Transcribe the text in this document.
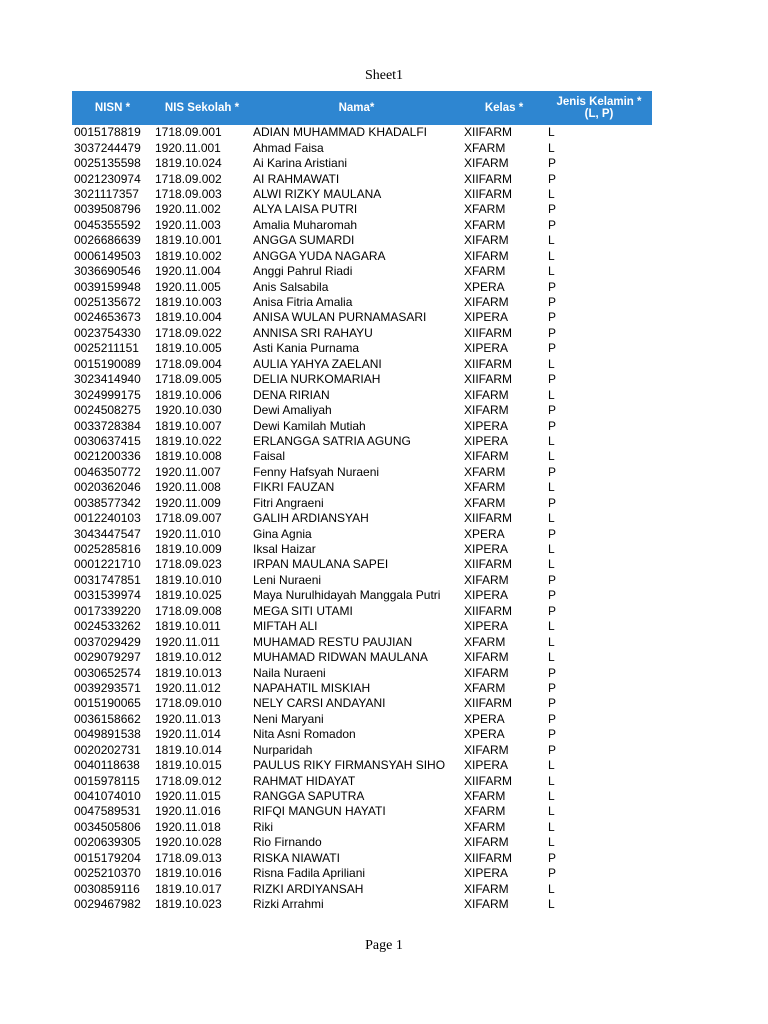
Sheet1
NISN *	NIS Sekolah *	Nama*	Kelas *	Jenis Kelamin *
(L, P)

0015178819	1718.09.001	ADIAN MUHAMMAD KHADALFI	XIIFARM	L
3037244479	1920.11.001	Ahmad Faisa	XFARM	L
0025135598	1819.10.024	Ai Karina Aristiani	XIFARM	P
0021230974	1718.09.002	AI RAHMAWATI	XIIFARM	P
3021117357	1718.09.003	ALWI RIZKY MAULANA	XIIFARM	L
0039508796	1920.11.002	ALYA LAISA PUTRI	XFARM	P
0045355592	1920.11.003	Amalia Muharomah	XFARM	P
0026686639	1819.10.001	ANGGA SUMARDI	XIFARM	L
0006149503	1819.10.002	ANGGA YUDA NAGARA	XIFARM	L
3036690546	1920.11.004	Anggi Pahrul Riadi	XFARM	L
0039159948	1920.11.005	Anis Salsabila	XPERA	P
0025135672	1819.10.003	Anisa Fitria Amalia	XIFARM	P
0024653673	1819.10.004	ANISA WULAN PURNAMASARI	XIPERA	P
0023754330	1718.09.022	ANNISA SRI RAHAYU	XIIFARM	P
0025211151	1819.10.005	Asti Kania Purnama	XIPERA	P
0015190089	1718.09.004	AULIA YAHYA ZAELANI	XIIFARM	L
3023414940	1718.09.005	DELIA NURKOMARIAH	XIIFARM	P
3024999175	1819.10.006	DENA RIRIAN	XIFARM	L
0024508275	1920.10.030	Dewi Amaliyah	XIFARM	P
0033728384	1819.10.007	Dewi Kamilah Mutiah	XIPERA	P
0030637415	1819.10.022	ERLANGGA SATRIA AGUNG	XIPERA	L
0021200336	1819.10.008	Faisal	XIFARM	L
0046350772	1920.11.007	Fenny Hafsyah Nuraeni	XFARM	P
0020362046	1920.11.008	FIKRI FAUZAN	XFARM	L
0038577342	1920.11.009	Fitri Angraeni	XFARM	P
0012240103	1718.09.007	GALIH ARDIANSYAH	XIIFARM	L
3043447547	1920.11.010	Gina Agnia	XPERA	P
0025285816	1819.10.009	Iksal Haizar	XIPERA	L
0001221710	1718.09.023	IRPAN MAULANA SAPEI	XIIFARM	L
0031747851	1819.10.010	Leni Nuraeni	XIFARM	P
0031539974	1819.10.025	Maya Nurulhidayah Manggala Putri	XIPERA	P
0017339220	1718.09.008	MEGA SITI UTAMI	XIIFARM	P
0024533262	1819.10.011	MIFTAH ALI	XIPERA	L
0037029429	1920.11.011	MUHAMAD RESTU PAUJIAN	XFARM	L
0029079297	1819.10.012	MUHAMAD RIDWAN MAULANA	XIFARM	L
0030652574	1819.10.013	Naila Nuraeni	XIFARM	P
0039293571	1920.11.012	NAPAHATIL MISKIAH	XFARM	P
0015190065	1718.09.010	NELY CARSI ANDAYANI	XIIFARM	P
0036158662	1920.11.013	Neni Maryani	XPERA	P
0049891538	1920.11.014	Nita Asni Romadon	XPERA	P
0020202731	1819.10.014	Nurparidah	XIFARM	P
0040118638	1819.10.015	PAULUS RIKY FIRMANSYAH SIHO	XIPERA	L
0015978115	1718.09.012	RAHMAT HIDAYAT	XIIFARM	L
0041074010	1920.11.015	RANGGA SAPUTRA	XFARM	L
0047589531	1920.11.016	RIFQI MANGUN HAYATI	XFARM	L
0034505806	1920.11.018	Riki	XFARM	L
0020639305	1920.10.028	Rio Firnando	XIFARM	L
0015179204	1718.09.013	RISKA NIAWATI	XIIFARM	P
0025210370	1819.10.016	Risna Fadila Apriliani	XIPERA	P
0030859116	1819.10.017	RIZKI ARDIYANSAH	XIFARM	L
0029467982	1819.10.023	Rizki Arrahmi	XIFARM	L
Page 1
